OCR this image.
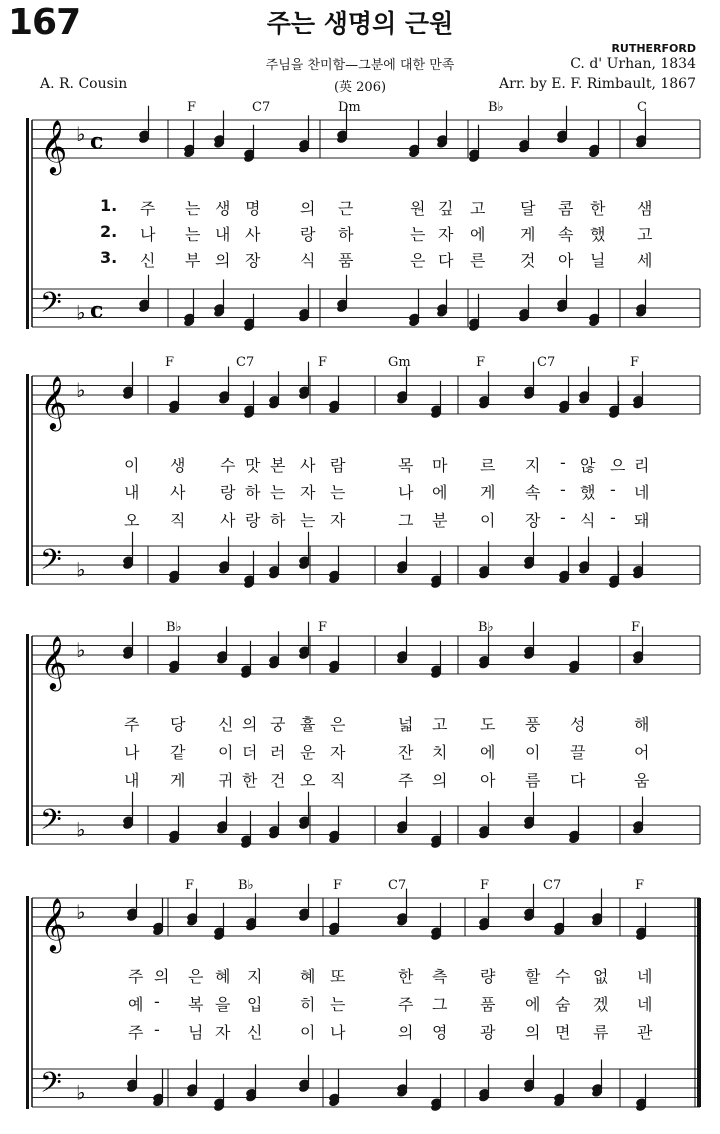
167	주는 생명의 근원
RUTHERFORD
주님을 찬미함—그분에 대한 만족
(英 206)
A. R. Cousin
C. d' Urhan, 1834
Arr. by E. F. Rimbault, 1867
𝄞
𝄢
♭
♭
c
c
F	C7	Dm	B♭	C
1. 주 는 생 명 의 근	원 깊 고 달 콤 한 샘
2. 나 는 내 사 랑 하	는 자 에 게 속 했 고
3. 신 부 의 장 식 품	은 다 른 것 아 닐 세
𝄞
𝄢
♭
♭
F	C7	F	Gm	F	C7	F
이 생 수 맛 본 사 람	목 마 르 지 - 않 으 리
내 사 랑 하 는 자 는	나 에 게 속 - 했 - 네
오 직 사 랑 하 는 자	그 분 이 장 - 식 - 돼
𝄞
𝄢
♭
♭
B♭	F	B♭	F
주 당 신 의 궁 휼 은	넓 고 도 풍 성	해
나 같 이 더 러 운 자	잔 치 에 이 끌	어
내 게 귀 한 건 오 직	주 의 아 름 다	움
𝄞
𝄢
♭
♭
F	B♭	F	C7	F	C7	F
주 의 은 혜 지 혜 또	한 측 량 할 수 없 네
예 - 복 을 입 히 는	주 그 품 에 숨 겠 네
주 - 님 자 신 이 나	의 영 광 의 면 류 관
